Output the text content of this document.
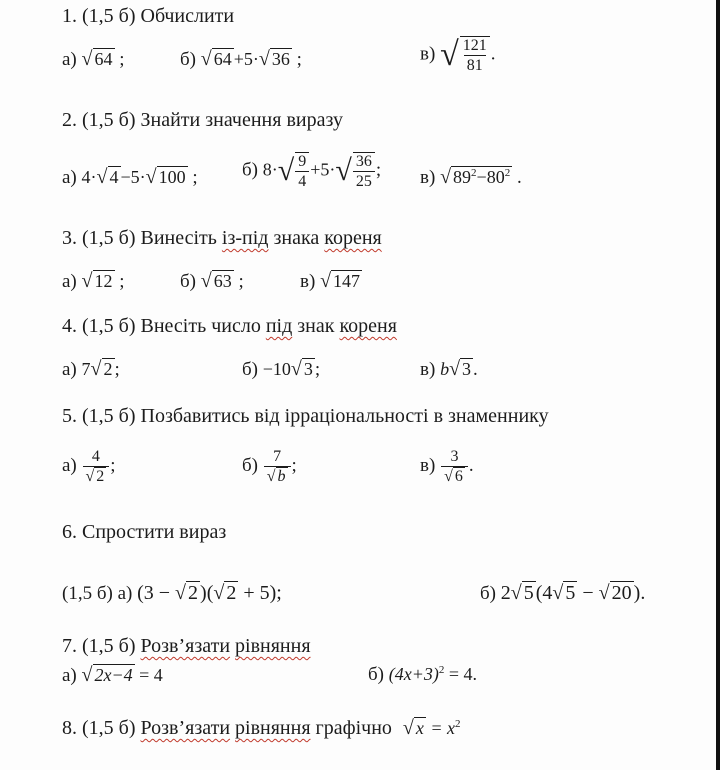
1. (1,5 б) Обчислити
а) √ 64 ;	б) √ 64 +5·√ 36 ;	в) √ $\frac{121}{81}$ .
2. (1,5 б) Знайти значення виразу
а) 4·√ 4 −5·√ 100 ; б) $8\cdot√ \frac{9}{4} +5\cdot√ \frac{36}{25}$ ; в) √ $89^2-80^2$ .
3. (1,5 б) Винесіть із-під знака кореня
а) √ 12 ;	б) √ 63 ;	в) √ 147
4. (1,5 б) Внесіть число під знак кореня
а) 7√ 2 ;	б) −10√ 3 ;	в) b√ 3 .
5. (1,5 б) Позбавитись від ірраціональності в знаменнику
$а) \frac{4}{√ 2}$ ;	$б) \frac{7}{√ b}$ ;	$в) \frac{3}{√ 6}$ .
6. Спростити вираз
(1,5 б) а) (3 − √ 2 )(√ 2 + 5);	б) 2√ 5 (4√ 5 − √ 20 ).
7. (1,5 б) Розв’язати рівняння
а) √ 2x−4 = 4	б) $(4x+3)^2 = 4$.
8. (1,5 б) Розв’язати рівняння графічно √ $x = x^2$
